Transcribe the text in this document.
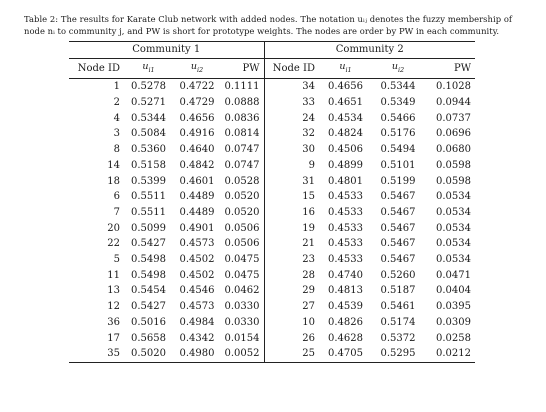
Table 2: The results for Karate Club network with added nodes. The notation uᵢⱼ denotes the fuzzy membership of
node nᵢ to community j, and PW is short for prototype weights. The nodes are order by PW in each community.
Community 1				Community 2			
Node ID	$u_{i1}$	$u_{i2}$	PW	Node ID	$u_{i1}$	$u_{i2}$	PW
1	0.5278	0.4722	0.1111	34	0.4656	0.5344	0.1028
2	0.5271	0.4729	0.0888	33	0.4651	0.5349	0.0944
4	0.5344	0.4656	0.0836	24	0.4534	0.5466	0.0737
3	0.5084	0.4916	0.0814	32	0.4824	0.5176	0.0696
8	0.5360	0.4640	0.0747	30	0.4506	0.5494	0.0680
14	0.5158	0.4842	0.0747	9	0.4899	0.5101	0.0598
18	0.5399	0.4601	0.0528	31	0.4801	0.5199	0.0598
6	0.5511	0.4489	0.0520	15	0.4533	0.5467	0.0534
7	0.5511	0.4489	0.0520	16	0.4533	0.5467	0.0534
20	0.5099	0.4901	0.0506	19	0.4533	0.5467	0.0534
22	0.5427	0.4573	0.0506	21	0.4533	0.5467	0.0534
5	0.5498	0.4502	0.0475	23	0.4533	0.5467	0.0534
11	0.5498	0.4502	0.0475	28	0.4740	0.5260	0.0471
13	0.5454	0.4546	0.0462	29	0.4813	0.5187	0.0404
12	0.5427	0.4573	0.0330	27	0.4539	0.5461	0.0395
36	0.5016	0.4984	0.0330	10	0.4826	0.5174	0.0309
17	0.5658	0.4342	0.0154	26	0.4628	0.5372	0.0258
35	0.5020	0.4980	0.0052	25	0.4705	0.5295	0.0212
